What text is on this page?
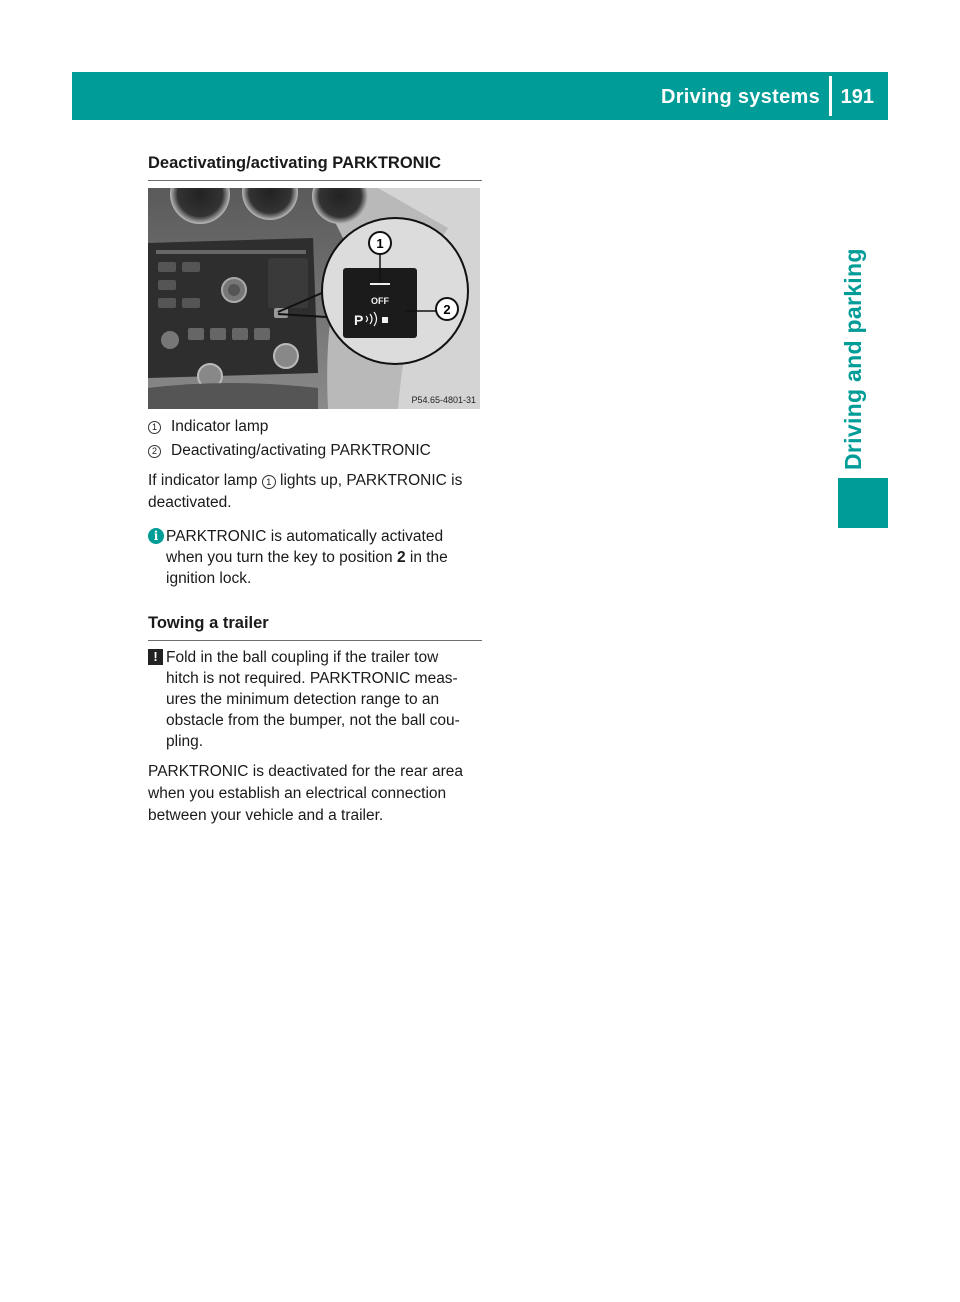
Driving systems 191
Driving and parking
Deactivating/activating PARKTRONIC
OFF
P
1
2
P54.65-4801-31
1 Indicator lamp
2 Deactivating/activating PARKTRONIC
If indicator lamp 1 lights up, PARKTRONIC is deactivated.
i PARKTRONIC is automatically activated
when you turn the key to position 2 in the
ignition lock.
Towing a trailer
! Fold in the ball coupling if the trailer tow
hitch is not required. PARKTRONIC meas-
ures the minimum detection range to an
obstacle from the bumper, not the ball cou-
pling.
PARKTRONIC is deactivated for the rear area
when you establish an electrical connection
between your vehicle and a trailer.
